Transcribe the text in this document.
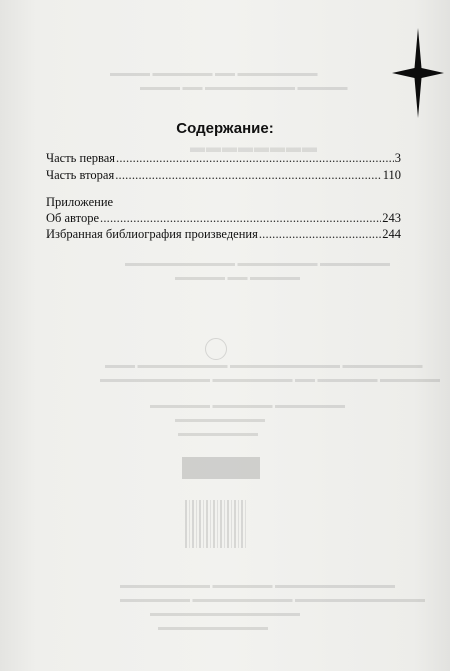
▬▬▬▬ ▬▬▬▬▬▬ ▬▬ ▬▬▬▬▬▬▬▬
▬▬▬▬ ▬▬ ▬▬▬▬▬▬▬▬▬ ▬▬▬▬▬
▬▬▬▬▬▬▬▬
▬▬▬▬▬▬▬▬▬▬▬ ▬▬▬▬▬▬▬▬ ▬▬▬▬▬▬▬
▬▬▬▬▬ ▬▬ ▬▬▬▬▬
▬▬▬ ▬▬▬▬▬▬▬▬▬ ▬▬▬▬▬▬▬▬▬▬▬ ▬▬▬▬▬▬▬▬
▬▬▬▬▬▬▬▬▬▬▬ ▬▬▬▬▬▬▬▬ ▬▬ ▬▬▬▬▬▬ ▬▬▬▬▬▬
▬▬▬▬▬▬ ▬▬▬▬▬▬ ▬▬▬▬▬▬▬
▬▬▬▬▬▬▬▬▬
▬▬▬▬▬▬▬▬
▬▬▬▬▬▬▬▬▬ ▬▬▬▬▬▬ ▬▬▬▬▬▬▬▬▬▬▬▬
▬▬▬▬▬▬▬ ▬▬▬▬▬▬▬▬▬▬ ▬▬▬▬▬▬▬▬▬▬▬▬▬
▬▬▬▬▬▬▬▬▬▬▬▬▬▬▬
▬▬▬▬▬▬▬▬▬▬▬
Содержание:
Часть первая .....	3
Часть вторая .....	110
Приложение
Об авторе .....	243
Избранная библиография произведения .....	244
